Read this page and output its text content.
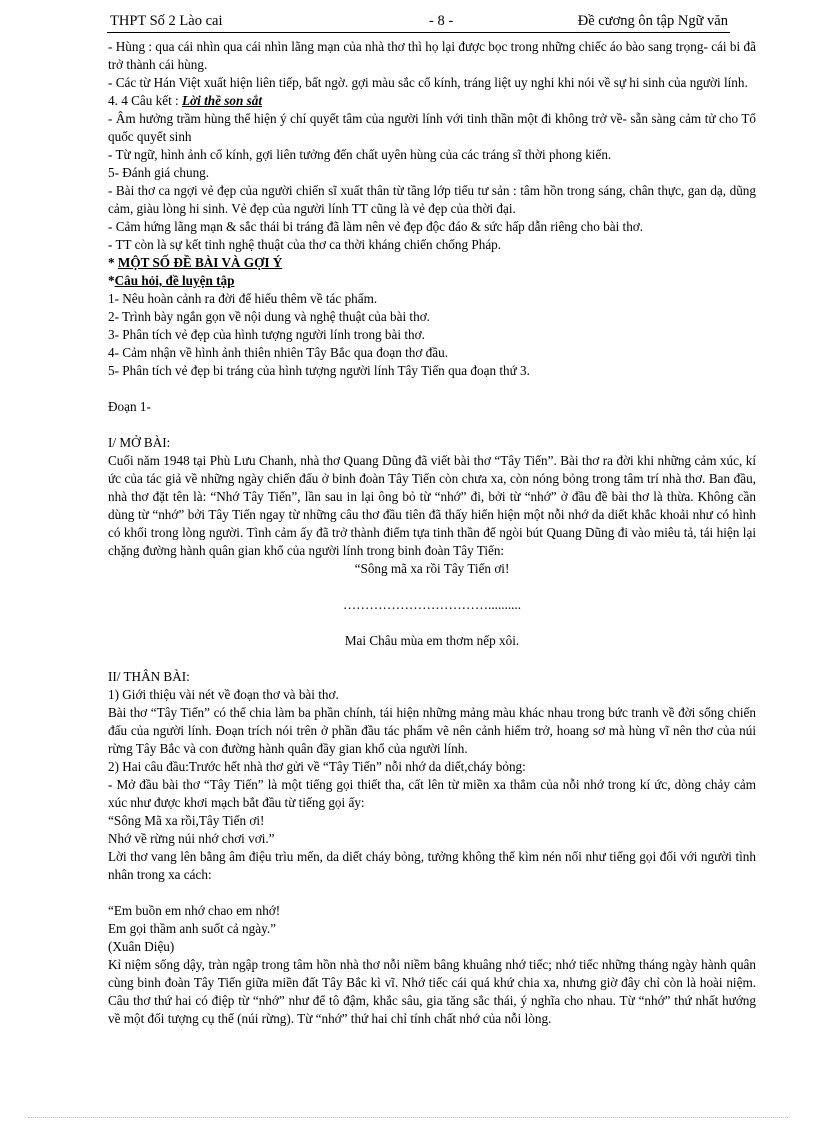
THPT Số 2 Lào cai	- 8 -	Đề cương ôn tập Ngữ văn

- Hùng : qua cái nhìn qua cái nhìn lãng mạn của nhà thơ thì họ lại được bọc trong những chiếc áo bào sang trọng- cái bi đã trở thành cái hùng.

- Các từ Hán Việt xuất hiện liên tiếp, bất ngờ. gợi màu sắc cổ kính, tráng liệt uy nghi khi nói về sự hi sinh của người lính.

4. 4 Câu kết : Lời thề son sắt

- Âm hưởng trầm hùng thể hiện ý chí quyết tâm của người lính với tinh thần một đi không trở về- sẵn sàng cảm tử cho Tổ quốc quyết sinh

- Từ ngữ, hình ảnh cổ kính, gợi liên tưởng đến chất uyên hùng của các tráng sĩ thời phong kiến.

5- Đánh giá chung.

- Bài thơ ca ngợi vẻ đẹp của người chiến sĩ xuất thân từ tầng lớp tiểu tư sản : tâm hồn trong sáng, chân thực, gan dạ, dũng cảm, giàu lòng hi sinh. Vẻ đẹp của người lính TT cũng là vẻ đẹp của thời đại.

- Cảm hứng lãng mạn & sắc thái bi tráng đã làm nên vẻ đẹp độc đáo & sức hấp dẫn riêng cho bài thơ.

- TT còn là sự kết tinh nghệ thuật của thơ ca thời kháng chiến chống Pháp.

* MỘT SỐ ĐỀ BÀI VÀ GỢI Ý

*Câu hỏi, đề luyện tập

1- Nêu hoàn cảnh ra đời để hiểu thêm về tác phẩm.

2- Trình bày ngắn gọn về nội dung và nghệ thuật của bài thơ.

3- Phân tích vẻ đẹp của hình tượng người lính trong bài thơ.

4- Cảm nhận về hình ảnh thiên nhiên Tây Bắc qua đoạn thơ đầu.

5- Phân tích vẻ đẹp bi tráng của hình tượng người lính Tây Tiến qua đoạn thứ 3.

Đoạn 1-

I/ MỞ BÀI:

Cuối năm 1948 tại Phù Lưu Chanh, nhà thơ Quang Dũng đã viết bài thơ “Tây Tiến”. Bài thơ ra đời khi những cảm xúc, kí ức của tác giả về những ngày chiến đấu ở binh đoàn Tây Tiến còn chưa xa, còn nóng bỏng trong tâm trí nhà thơ. Ban đầu, nhà thơ đặt tên là: “Nhớ Tây Tiến”, lần sau in lại ông bỏ từ “nhớ” đi, bởi từ “nhớ” ở đầu đề bài thơ là thừa. Không cần dùng từ “nhớ” bởi Tây Tiến ngay từ những câu thơ đầu tiên đã thấy hiển hiện một nỗi nhớ da diết khắc khoải như có hình có khối trong lòng người. Tình cảm ấy đã trở thành điểm tựa tinh thần để ngòi bút Quang Dũng đi vào miêu tả, tái hiện lại chặng đường hành quân gian khổ của người lính trong binh đoàn Tây Tiến:

“Sông mã xa rồi Tây Tiến ơi!

……………………………..........

Mai Châu mùa em thơm nếp xôi.

II/ THÂN BÀI:

1) Giới thiệu vài nét về đoạn thơ và bài thơ.

Bài thơ “Tây Tiến” có thể chia làm ba phần chính, tái hiện những mảng màu khác nhau trong bức tranh về đời sống chiến đấu của người lính. Đoạn trích nói trên ở phần đầu tác phẩm vẽ nên cảnh hiểm trở, hoang sơ mà hùng vĩ nên thơ của núi rừng Tây Bắc và con đường hành quân đầy gian khổ của người lính.

2) Hai câu đầu:Trước hết nhà thơ gửi về “Tây Tiến” nỗi nhớ da diết,cháy bỏng:

- Mở đầu bài thơ “Tây Tiến” là một tiếng gọi thiết tha, cất lên từ miền xa thẳm của nỗi nhớ trong kí ức, dòng chảy cảm xúc như được khơi mạch bắt đầu từ tiếng gọi ấy:

“Sông Mã xa rồi,Tây Tiến ơi!

Nhớ về rừng núi nhớ chơi vơi.”

Lời thơ vang lên bằng âm điệu trìu mến, da diết cháy bỏng, tưởng không thể kìm nén nổi như tiếng gọi đối với người tình nhân trong xa cách:

“Em buồn em nhớ chao em nhớ!

Em gọi thầm anh suốt cả ngày.”

(Xuân Diệu)

Kỉ niệm sống dậy, tràn ngập trong tâm hồn nhà thơ nỗi niềm bâng khuâng nhớ tiếc; nhớ tiếc những tháng ngày hành quân cùng binh đoàn Tây Tiến giữa miền đất Tây Bắc kì vĩ. Nhớ tiếc cái quá khứ chia xa, nhưng giờ đây chỉ còn là hoài niệm. Câu thơ thứ hai có điệp từ “nhớ” như để tô đậm, khắc sâu, gia tăng sắc thái, ý nghĩa cho nhau. Từ “nhớ” thứ nhất hướng về một đối tượng cụ thể (núi rừng). Từ “nhớ” thứ hai chỉ tính chất nhớ của nỗi lòng.
